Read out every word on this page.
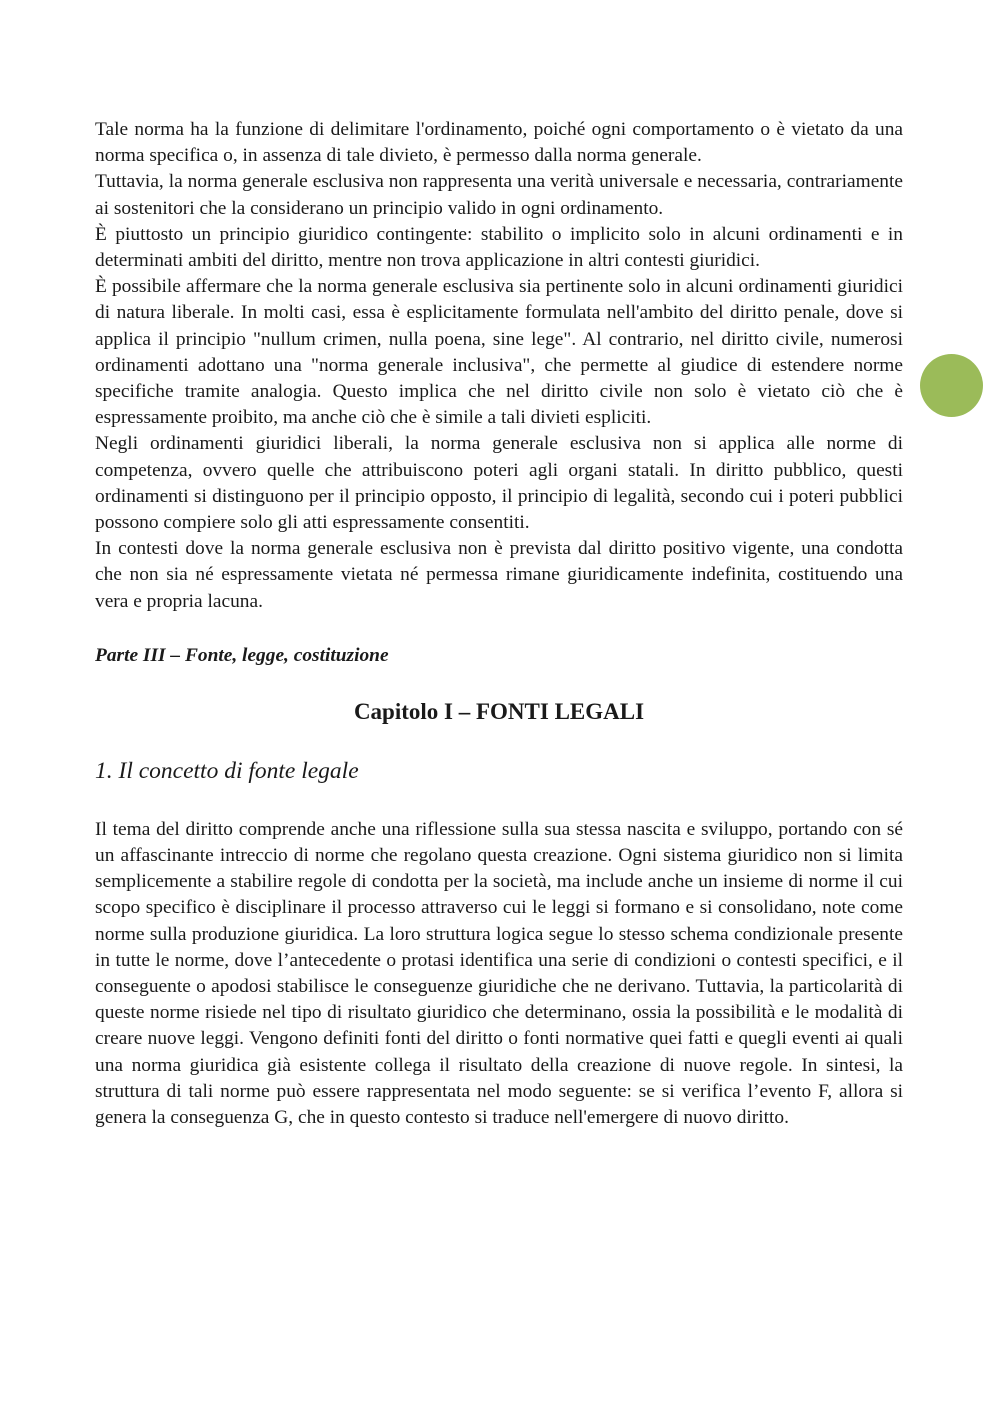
Tale norma ha la funzione di delimitare l'ordinamento, poiché ogni comportamento o è vietato da una norma specifica o, in assenza di tale divieto, è permesso dalla norma generale.

Tuttavia, la norma generale esclusiva non rappresenta una verità universale e necessaria, contrariamente ai sostenitori che la considerano un principio valido in ogni ordinamento.

È piuttosto un principio giuridico contingente: stabilito o implicito solo in alcuni ordinamenti e in determinati ambiti del diritto, mentre non trova applicazione in altri contesti giuridici.

È possibile affermare che la norma generale esclusiva sia pertinente solo in alcuni ordinamenti giuridici di natura liberale. In molti casi, essa è esplicitamente formulata nell'ambito del diritto penale, dove si applica il principio "nullum crimen, nulla poena, sine lege". Al contrario, nel diritto civile, numerosi ordinamenti adottano una "norma generale inclusiva", che permette al giudice di estendere norme specifiche tramite analogia. Questo implica che nel diritto civile non solo è vietato ciò che è espressamente proibito, ma anche ciò che è simile a tali divieti espliciti.

Negli ordinamenti giuridici liberali, la norma generale esclusiva non si applica alle norme di competenza, ovvero quelle che attribuiscono poteri agli organi statali. In diritto pubblico, questi ordinamenti si distinguono per il principio opposto, il principio di legalità, secondo cui i poteri pubblici possono compiere solo gli atti espressamente consentiti.

In contesti dove la norma generale esclusiva non è prevista dal diritto positivo vigente, una condotta che non sia né espressamente vietata né permessa rimane giuridicamente indefinita, costituendo una vera e propria lacuna.

Parte III – Fonte, legge, costituzione
Capitolo I – FONTI LEGALI
1. Il concetto di fonte legale

Il tema del diritto comprende anche una riflessione sulla sua stessa nascita e sviluppo, portando con sé un affascinante intreccio di norme che regolano questa creazione. Ogni sistema giuridico non si limita semplicemente a stabilire regole di condotta per la società, ma include anche un insieme di norme il cui scopo specifico è disciplinare il processo attraverso cui le leggi si formano e si consolidano, note come norme sulla produzione giuridica. La loro struttura logica segue lo stesso schema condizionale presente in tutte le norme, dove l’antecedente o protasi identifica una serie di condizioni o contesti specifici, e il conseguente o apodosi stabilisce le conseguenze giuridiche che ne derivano. Tuttavia, la particolarità di queste norme risiede nel tipo di risultato giuridico che determinano, ossia la possibilità e le modalità di creare nuove leggi. Vengono definiti fonti del diritto o fonti normative quei fatti e quegli eventi ai quali una norma giuridica già esistente collega il risultato della creazione di nuove regole. In sintesi, la struttura di tali norme può essere rappresentata nel modo seguente: se si verifica l’evento F, allora si genera la conseguenza G, che in questo contesto si traduce nell'emergere di nuovo diritto.
